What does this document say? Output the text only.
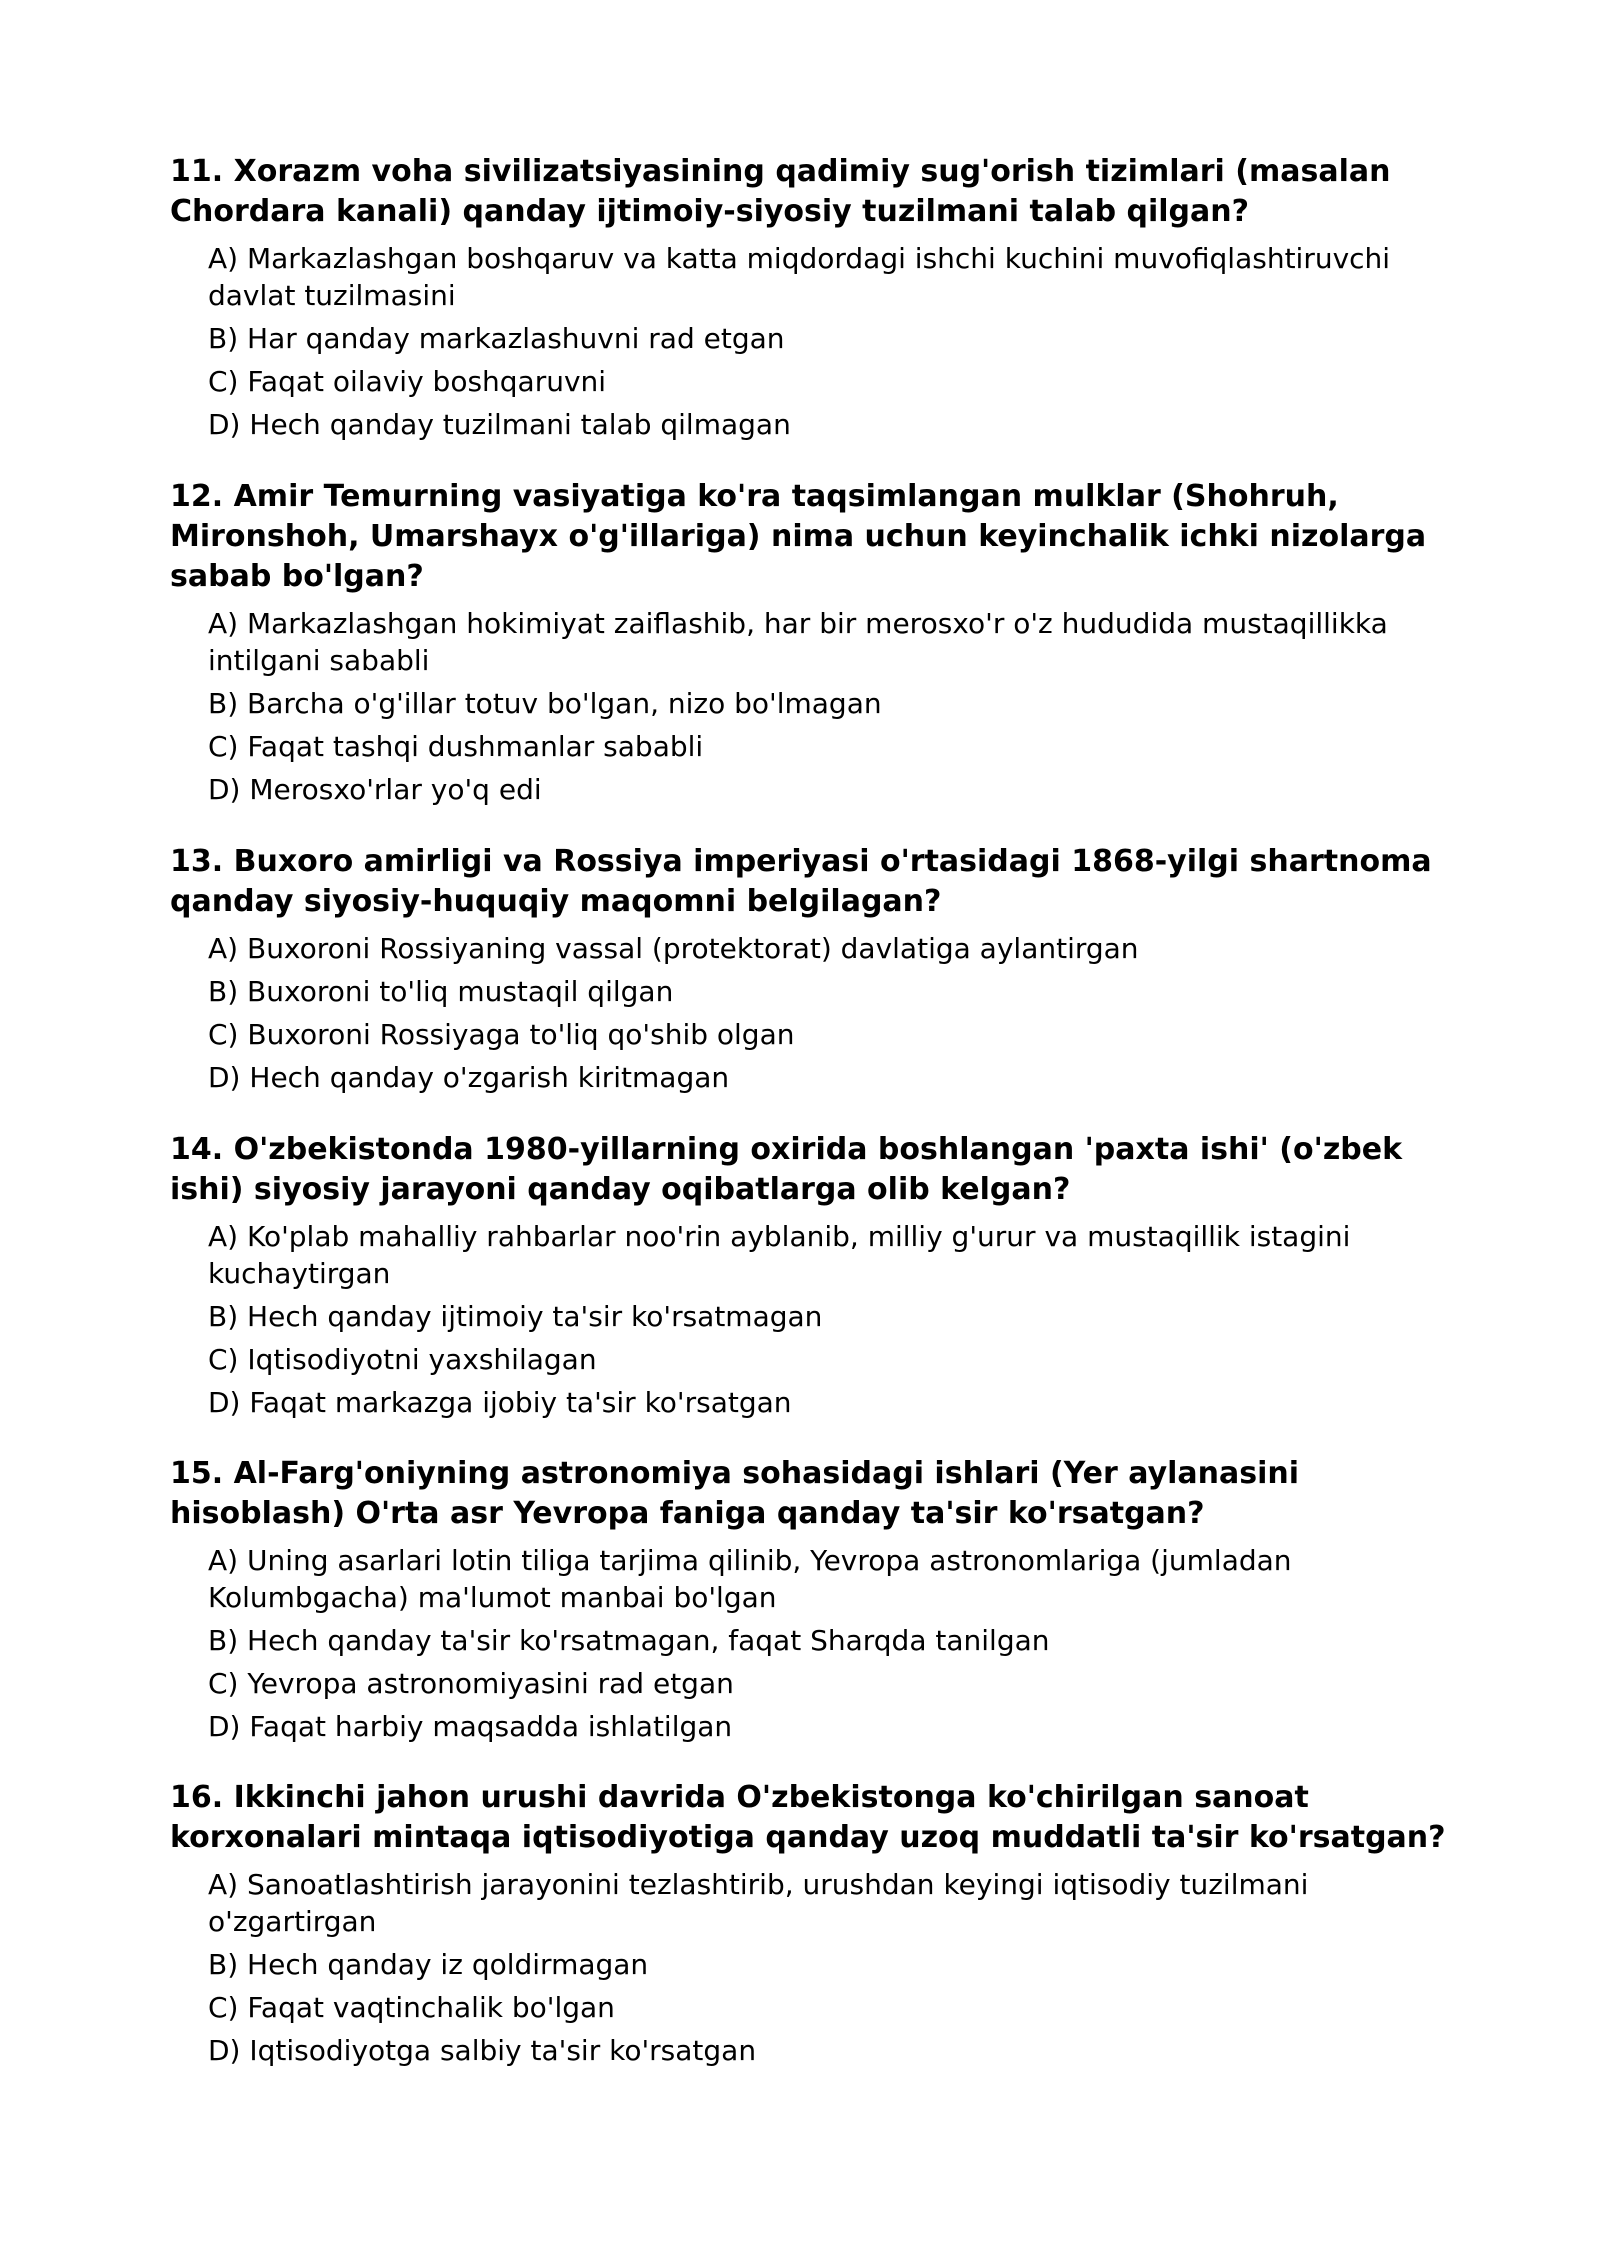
11. Xorazm voha sivilizatsiyasining qadimiy sug'orish tizimlari (masalan Chordara kanali) qanday ijtimoiy-siyosiy tuzilmani talab qilgan?

A) Markazlashgan boshqaruv va katta miqdordagi ishchi kuchini muvofiqlashtiruvchi davlat tuzilmasini
B) Har qanday markazlashuvni rad etgan
C) Faqat oilaviy boshqaruvni
D) Hech qanday tuzilmani talab qilmagan

12. Amir Temurning vasiyatiga ko'ra taqsimlangan mulklar (Shohruh, Mironshoh, Umarshayx o'g'illariga) nima uchun keyinchalik ichki nizolarga sabab bo'lgan?

A) Markazlashgan hokimiyat zaiflashib, har bir merosxo'r o'z hududida mustaqillikka intilgani sababli
B) Barcha o'g'illar totuv bo'lgan, nizo bo'lmagan
C) Faqat tashqi dushmanlar sababli
D) Merosxo'rlar yo'q edi

13. Buxoro amirligi va Rossiya imperiyasi o'rtasidagi 1868-yilgi shartnoma qanday siyosiy-huquqiy maqomni belgilagan?

A) Buxoroni Rossiyaning vassal (protektorat) davlatiga aylantirgan
B) Buxoroni to'liq mustaqil qilgan
C) Buxoroni Rossiyaga to'liq qo'shib olgan
D) Hech qanday o'zgarish kiritmagan

14. O'zbekistonda 1980-yillarning oxirida boshlangan 'paxta ishi' (o'zbek ishi) siyosiy jarayoni qanday oqibatlarga olib kelgan?

A) Ko'plab mahalliy rahbarlar noo'rin ayblanib, milliy g'urur va mustaqillik istagini kuchaytirgan
B) Hech qanday ijtimoiy ta'sir ko'rsatmagan
C) Iqtisodiyotni yaxshilagan
D) Faqat markazga ijobiy ta'sir ko'rsatgan

15. Al-Farg'oniyning astronomiya sohasidagi ishlari (Yer aylanasini hisoblash) O'rta asr Yevropa faniga qanday ta'sir ko'rsatgan?

A) Uning asarlari lotin tiliga tarjima qilinib, Yevropa astronomlariga (jumladan Kolumbgacha) ma'lumot manbai bo'lgan
B) Hech qanday ta'sir ko'rsatmagan, faqat Sharqda tanilgan
C) Yevropa astronomiyasini rad etgan
D) Faqat harbiy maqsadda ishlatilgan

16. Ikkinchi jahon urushi davrida O'zbekistonga ko'chirilgan sanoat korxonalari mintaqa iqtisodiyotiga qanday uzoq muddatli ta'sir ko'rsatgan?

A) Sanoatlashtirish jarayonini tezlashtirib, urushdan keyingi iqtisodiy tuzilmani o'zgartirgan
B) Hech qanday iz qoldirmagan
C) Faqat vaqtinchalik bo'lgan
D) Iqtisodiyotga salbiy ta'sir ko'rsatgan
